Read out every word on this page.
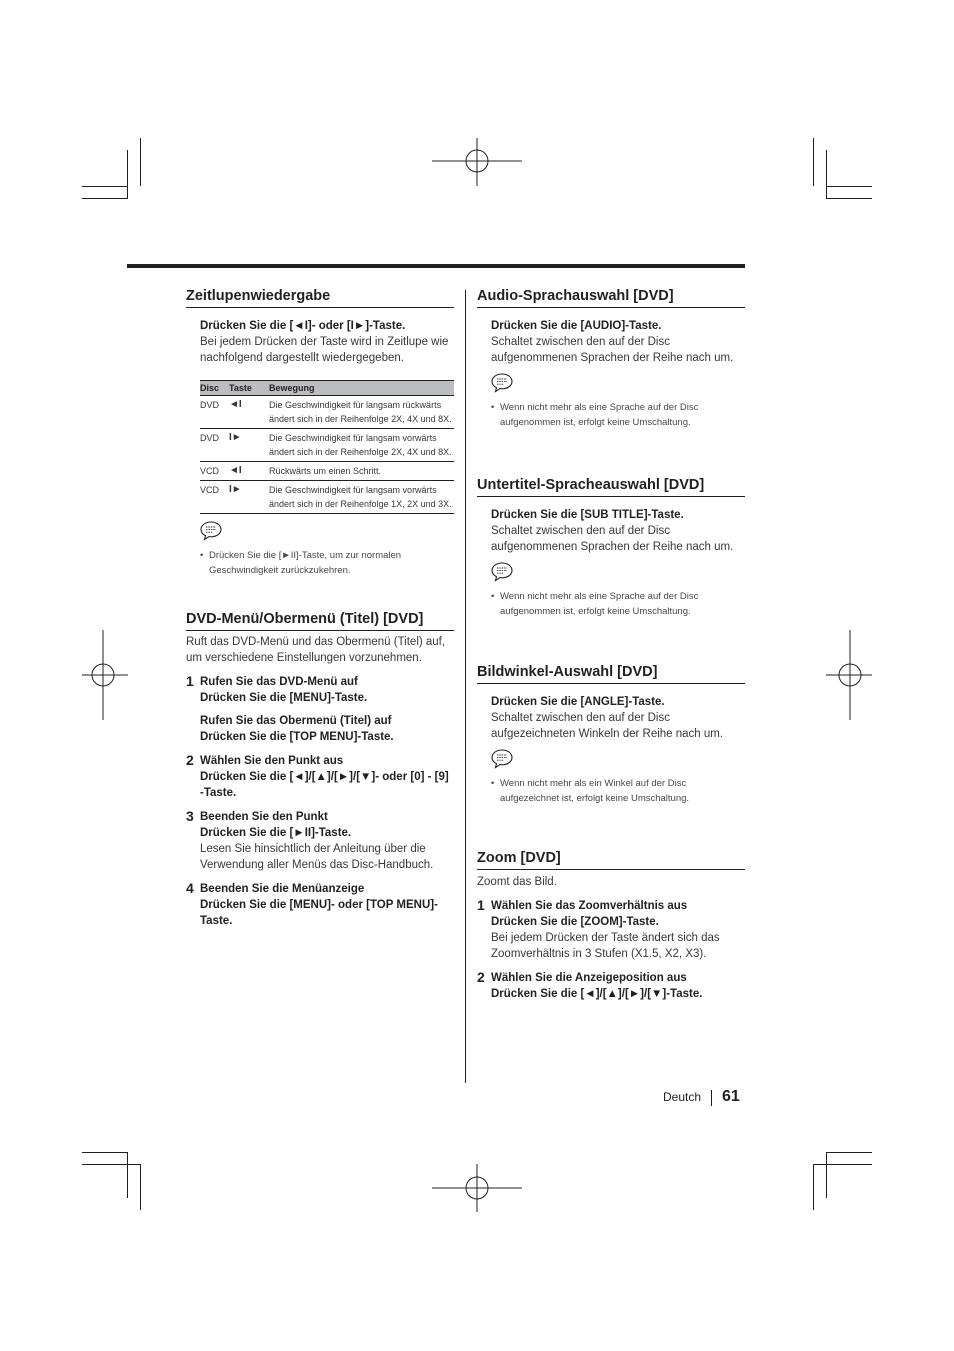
Zeitlupenwiedergabe
Drücken Sie die [◄I]- oder [I►]-Taste.
Bei jedem Drücken der Taste wird in Zeitlupe wie nachfolgend dargestellt wiedergegeben.
Disc	Taste	Bewegung
DVD	◄I	Die Geschwindigkeit für langsam rückwärts ändert sich in der Reihenfolge 2X, 4X und 8X.
DVD	I►	Die Geschwindigkeit für langsam vorwärts ändert sich in der Reihenfolge 2X, 4X und 8X.
VCD	◄I	Rückwärts um einen Schritt.
VCD	I►	Die Geschwindigkeit für langsam vorwärts ändert sich in der Reihenfolge 1X, 2X und 3X.
• Drücken Sie die [►II]-Taste, um zur normalen Geschwindigkeit zurückzukehren.
DVD-Menü/Obermenü (Titel) [DVD]
Ruft das DVD-Menü und das Obermenü (Titel) auf, um verschiedene Einstellungen vorzunehmen.
1 Rufen Sie das DVD-Menü auf
Drücken Sie die [MENU]-Taste.
Rufen Sie das Obermenü (Titel) auf
Drücken Sie die [TOP MENU]-Taste.
2 Wählen Sie den Punkt aus
Drücken Sie die [◄]/[▲]/[►]/[▼]- oder [0] - [9] -Taste.
3 Beenden Sie den Punkt
Drücken Sie die [►II]-Taste.
Lesen Sie hinsichtlich der Anleitung über die Verwendung aller Menüs das Disc-Handbuch.
4 Beenden Sie die Menüanzeige
Drücken Sie die [MENU]- oder [TOP MENU]-Taste.
Audio-Sprachauswahl [DVD]
Drücken Sie die [AUDIO]-Taste.
Schaltet zwischen den auf der Disc aufgenommenen Sprachen der Reihe nach um.
• Wenn nicht mehr als eine Sprache auf der Disc aufgenommen ist, erfolgt keine Umschaltung.
Untertitel-Spracheauswahl [DVD]
Drücken Sie die [SUB TITLE]-Taste.
Schaltet zwischen den auf der Disc aufgenommenen Sprachen der Reihe nach um.
• Wenn nicht mehr als eine Sprache auf der Disc aufgenommen ist, erfolgt keine Umschaltung.
Bildwinkel-Auswahl [DVD]
Drücken Sie die [ANGLE]-Taste.
Schaltet zwischen den auf der Disc aufgezeichneten Winkeln der Reihe nach um.
• Wenn nicht mehr als ein Winkel auf der Disc aufgezeichnet ist, erfolgt keine Umschaltung.
Zoom [DVD]
Zoomt das Bild.
1 Wählen Sie das Zoomverhältnis aus
Drücken Sie die [ZOOM]-Taste.
Bei jedem Drücken der Taste ändert sich das Zoomverhältnis in 3 Stufen (X1.5, X2, X3).
2 Wählen Sie die Anzeigeposition aus
Drücken Sie die [◄]/[▲]/[►]/[▼]-Taste.
Deutch 61
